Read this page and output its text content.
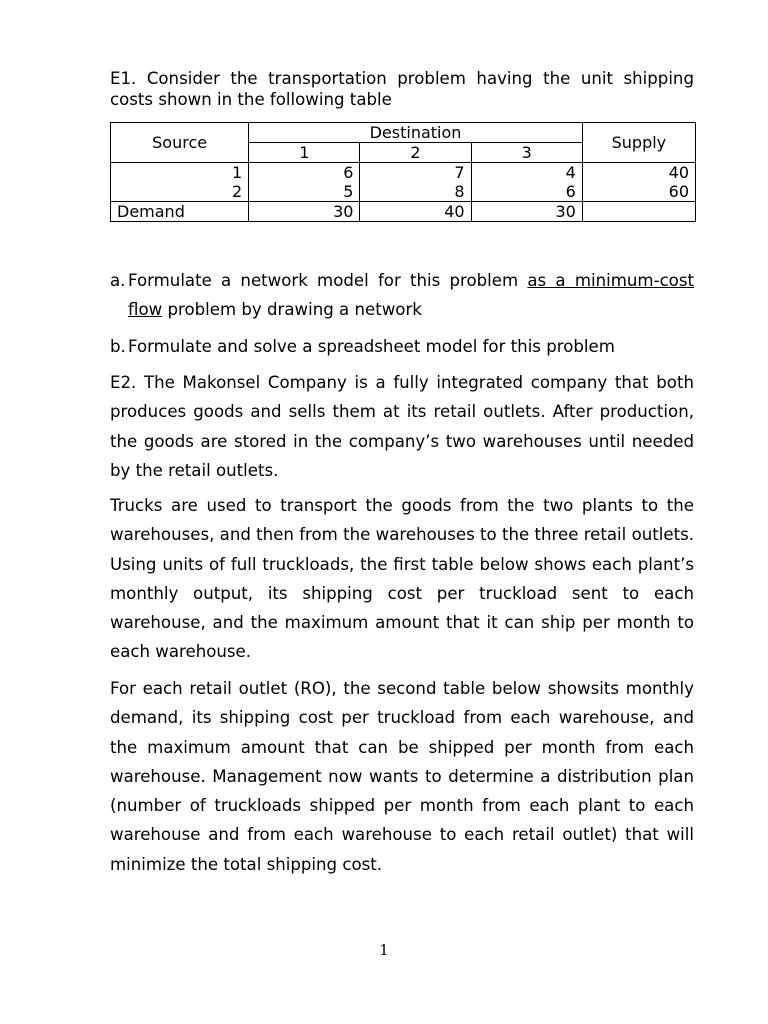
E1. Consider the transportation problem having the unit shipping costs shown in the following table
Source	Destination			Supply
	1	2	3	
1	6	7	4	40
2	5	8	6	60
Demand	30	40	30	
a. Formulate a network model for this problem as a minimum-cost flow problem by drawing a network
b. Formulate and solve a spreadsheet model for this problem
E2. The Makonsel Company is a fully integrated company that both produces goods and sells them at its retail outlets. After production, the goods are stored in the company’s two warehouses until needed by the retail outlets.
Trucks are used to transport the goods from the two plants to the warehouses, and then from the warehouses to the three retail outlets. Using units of full truckloads, the first table below shows each plant’s monthly output, its shipping cost per truckload sent to each warehouse, and the maximum amount that it can ship per month to each warehouse.
For each retail outlet (RO), the second table below showsits monthly demand, its shipping cost per truckload from each warehouse, and the maximum amount that can be shipped per month from each warehouse. Management now wants to determine a distribution plan (number of truckloads shipped per month from each plant to each warehouse and from each warehouse to each retail outlet) that will minimize the total shipping cost.
1
